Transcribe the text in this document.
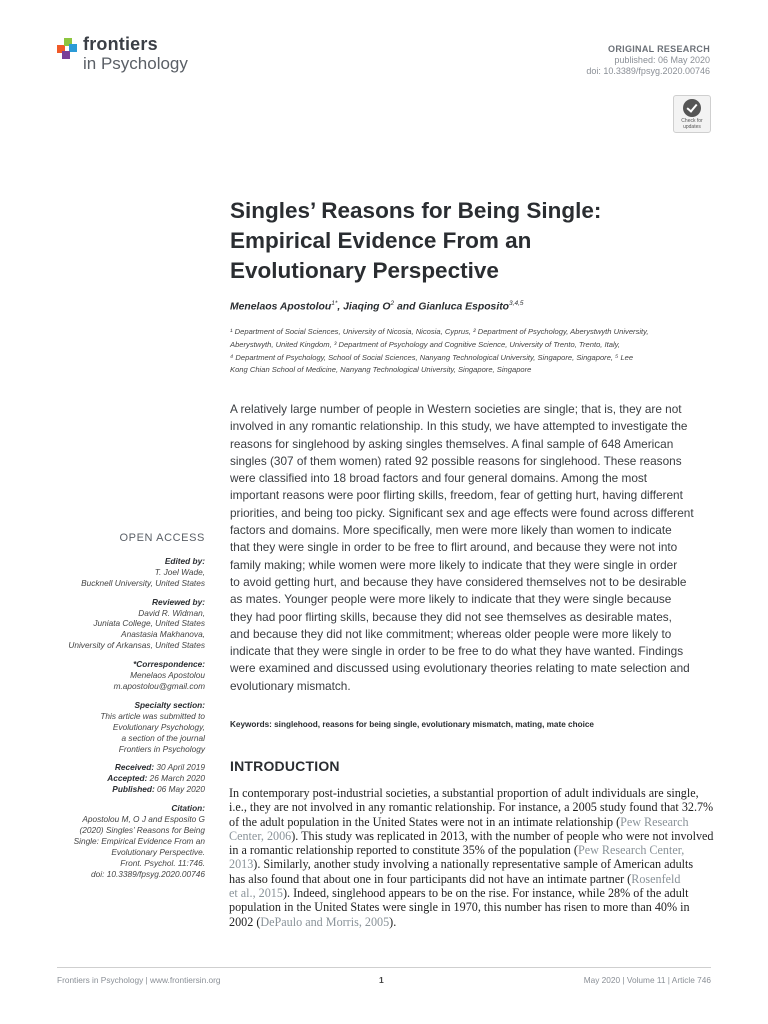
frontiers
in Psychology
ORIGINAL RESEARCH
published: 06 May 2020
doi: 10.3389/fpsyg.2020.00746
Check for
updates
Singles’ Reasons for Being Single:
Empirical Evidence From an
Evolutionary Perspective
Menelaos Apostolou$^{1*}$, Jiaqing $O^2$ and Gianluca Esposito$^{3,4,5}$
¹ Department of Social Sciences, University of Nicosia, Nicosia, Cyprus, ² Department of Psychology, Aberystwyth University,
Aberystwyth, United Kingdom, ³ Department of Psychology and Cognitive Science, University of Trento, Trento, Italy,
⁴ Department of Psychology, School of Social Sciences, Nanyang Technological University, Singapore, Singapore, ⁵ Lee
Kong Chian School of Medicine, Nanyang Technological University, Singapore, Singapore
A relatively large number of people in Western societies are single; that is, they are not
involved in any romantic relationship. In this study, we have attempted to investigate the
reasons for singlehood by asking singles themselves. A final sample of 648 American
singles (307 of them women) rated 92 possible reasons for singlehood. These reasons
were classified into 18 broad factors and four general domains. Among the most
important reasons were poor flirting skills, freedom, fear of getting hurt, having different
priorities, and being too picky. Significant sex and age effects were found across different
factors and domains. More specifically, men were more likely than women to indicate
that they were single in order to be free to flirt around, and because they were not into
family making; while women were more likely to indicate that they were single in order
to avoid getting hurt, and because they have considered themselves not to be desirable
as mates. Younger people were more likely to indicate that they were single because
they had poor flirting skills, because they did not see themselves as desirable mates,
and because they did not like commitment; whereas older people were more likely to
indicate that they were single in order to be free to do what they have wanted. Findings
were examined and discussed using evolutionary theories relating to mate selection and
evolutionary mismatch.
Keywords: singlehood, reasons for being single, evolutionary mismatch, mating, mate choice
INTRODUCTION
In contemporary post-industrial societies, a substantial proportion of adult individuals are single,
i.e., they are not involved in any romantic relationship. For instance, a 2005 study found that 32.7%
of the adult population in the United States were not in an intimate relationship (Pew Research
Center, 2006). This study was replicated in 2013, with the number of people who were not involved
in a romantic relationship reported to constitute 35% of the population (Pew Research Center,
2013). Similarly, another study involving a nationally representative sample of American adults
has also found that about one in four participants did not have an intimate partner (Rosenfeld
et al., 2015). Indeed, singlehood appears to be on the rise. For instance, while 28% of the adult
population in the United States were single in 1970, this number has risen to more than 40% in
2002 (DePaulo and Morris, 2005).
OPEN ACCESS
Edited by:
T. Joel Wade,
Bucknell University, United States
Reviewed by:
David R. Widman,
Juniata College, United States
Anastasia Makhanova,
University of Arkansas, United States
*Correspondence:
Menelaos Apostolou
m.apostolou@gmail.com
Specialty section:
This article was submitted to
Evolutionary Psychology,
a section of the journal
Frontiers in Psychology
Received: 30 April 2019
Accepted: 26 March 2020
Published: 06 May 2020
Citation:
Apostolou M, O J and Esposito G
(2020) Singles’ Reasons for Being
Single: Empirical Evidence From an
Evolutionary Perspective.
Front. Psychol. 11:746.
doi: 10.3389/fpsyg.2020.00746
Frontiers in Psychology | www.frontiersin.org	1	May 2020 | Volume 11 | Article 746
